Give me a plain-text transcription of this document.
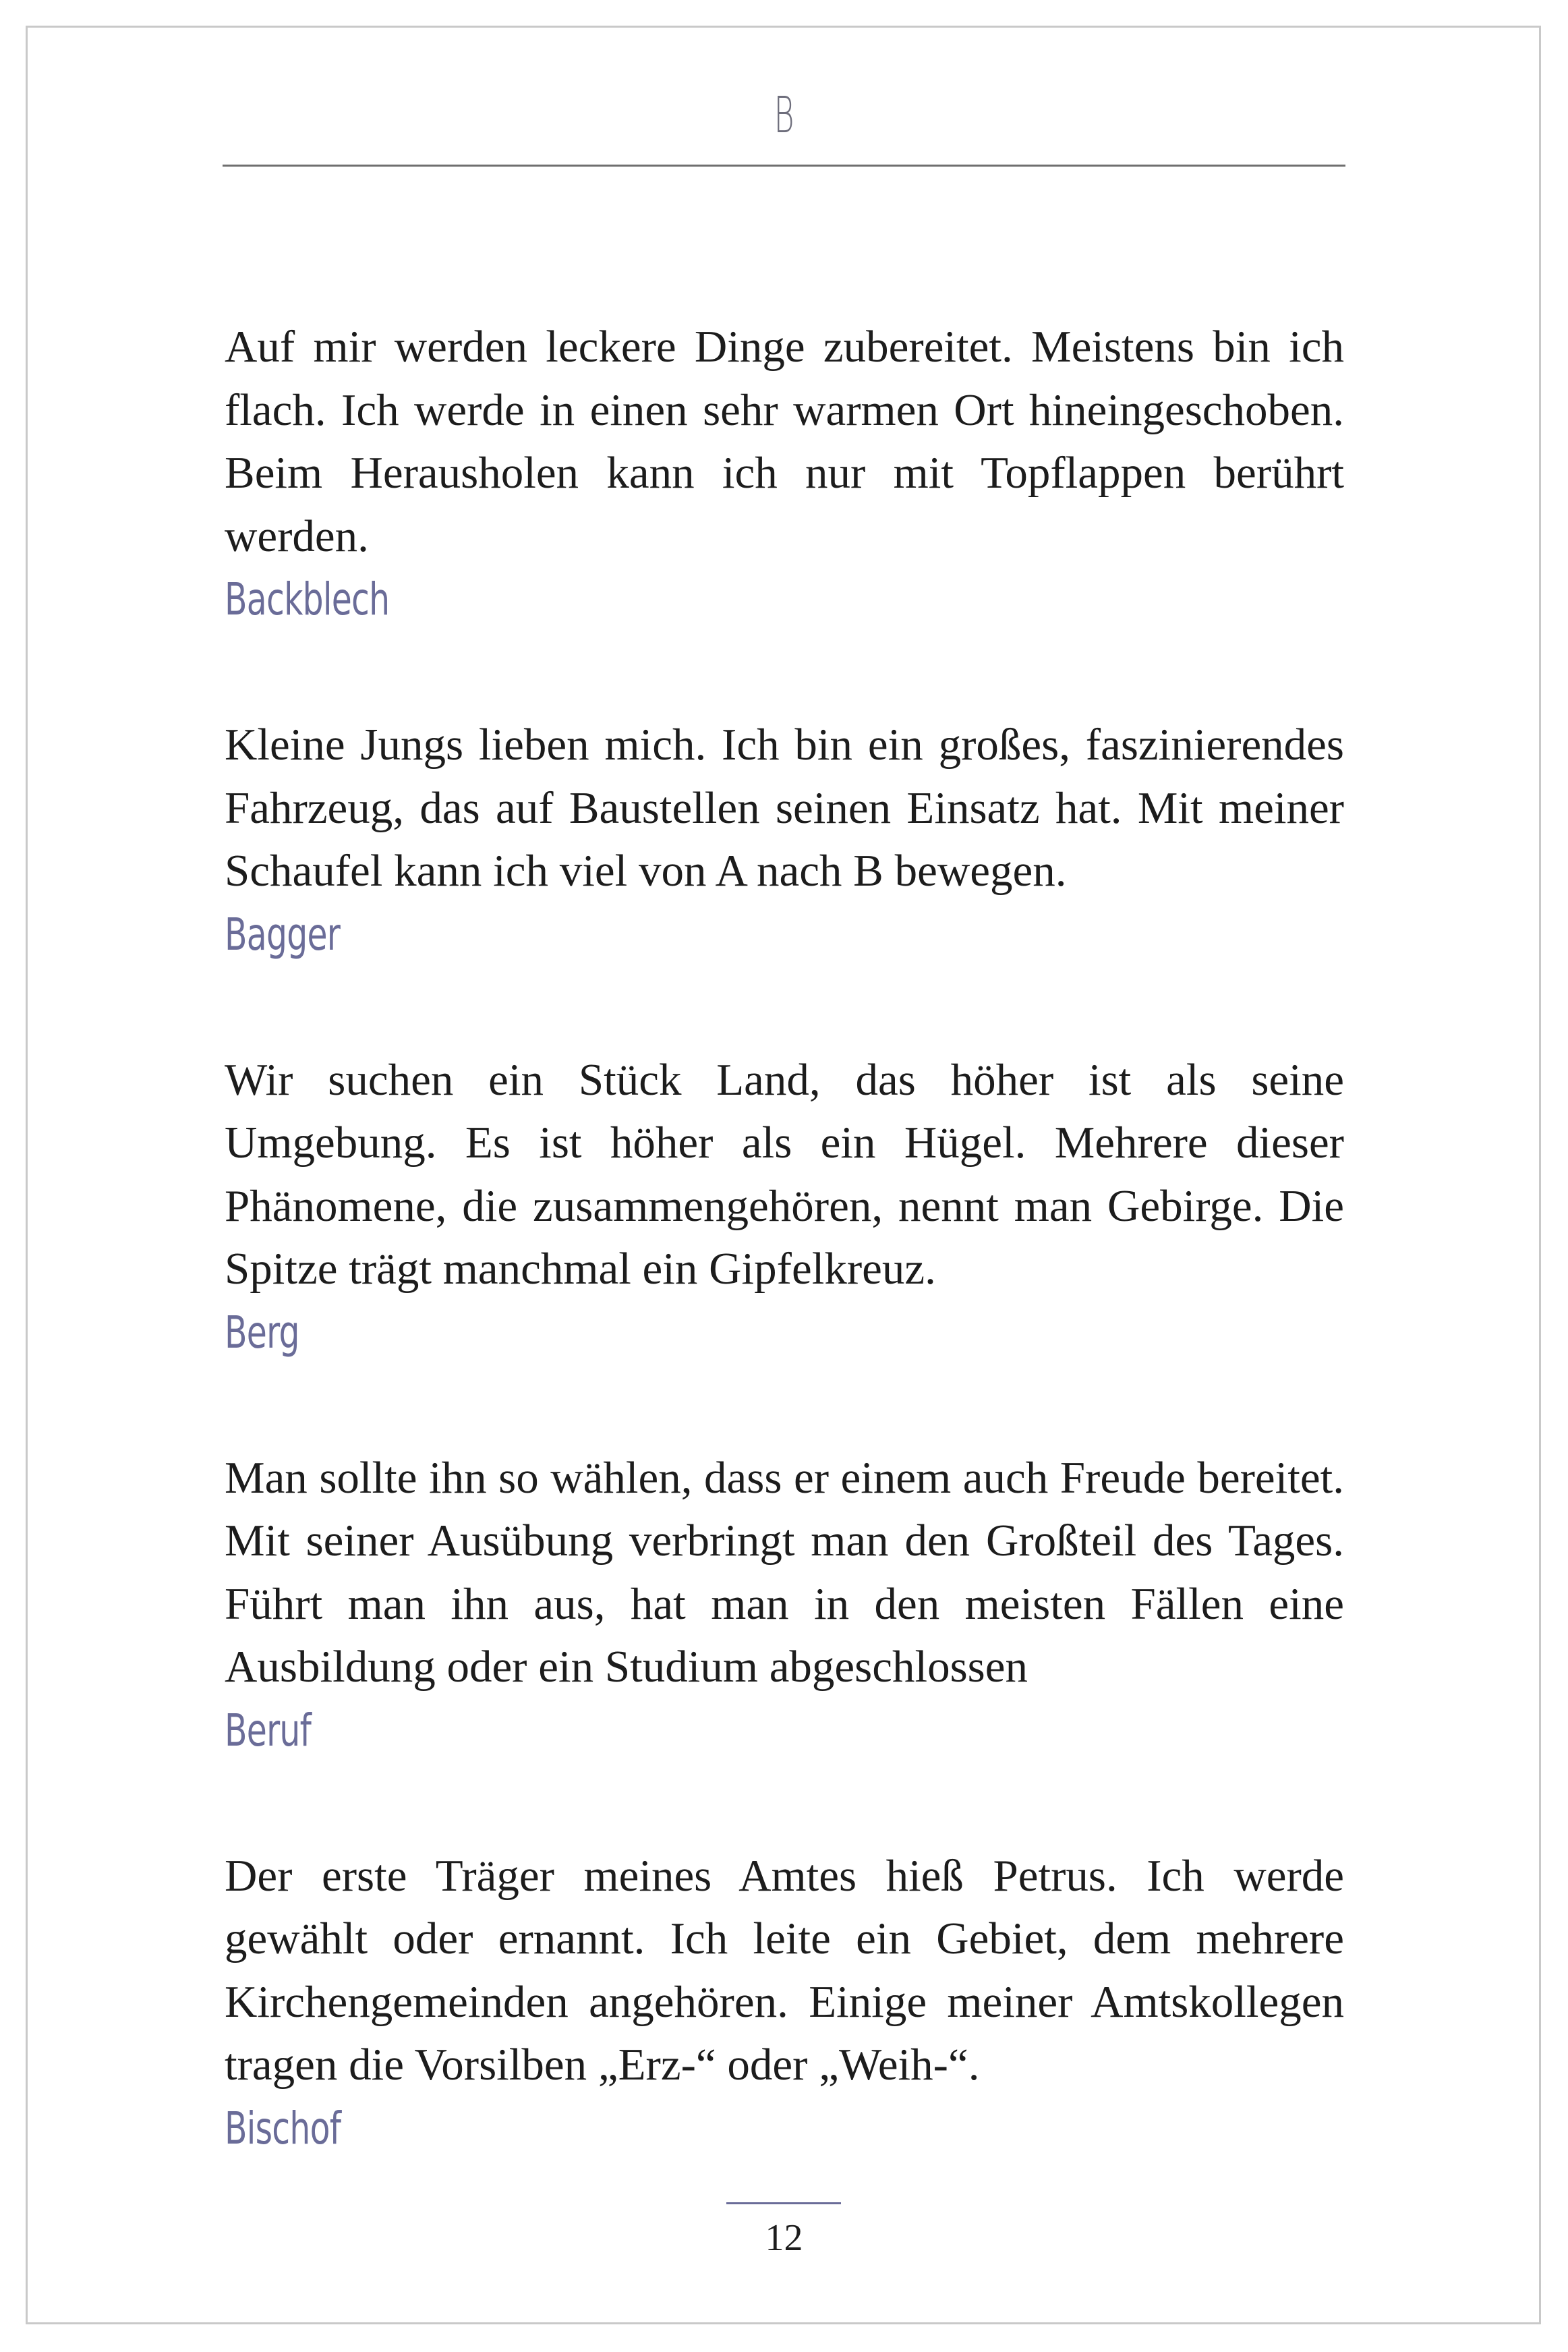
B

Auf mir werden leckere Dinge zubereitet. Meistens bin ich flach. Ich werde in einen sehr warmen Ort hineingeschoben. Beim Herausholen kann ich nur mit Topflappen berührt werden.

Backblech

Kleine Jungs lieben mich. Ich bin ein großes, faszinierendes Fahrzeug, das auf Baustellen seinen Einsatz hat. Mit meiner Schaufel kann ich viel von A nach B bewegen.

Bagger

Wir suchen ein Stück Land, das höher ist als seine Umgebung. Es ist höher als ein Hügel. Mehrere dieser Phänomene, die zusammengehören, nennt man Gebirge. Die Spitze trägt manchmal ein Gipfelkreuz.

Berg

Man sollte ihn so wählen, dass er einem auch Freude bereitet. Mit seiner Ausübung verbringt man den Großteil des Tages. Führt man ihn aus, hat man in den meisten Fällen eine Ausbildung oder ein Studium abgeschlossen

Beruf

Der erste Träger meines Amtes hieß Petrus. Ich werde gewählt oder ernannt. Ich leite ein Gebiet, dem mehrere Kirchengemeinden angehören. Einige meiner Amtskollegen tragen die Vorsilben „Erz-“ oder „Weih-“.

Bischof

12
